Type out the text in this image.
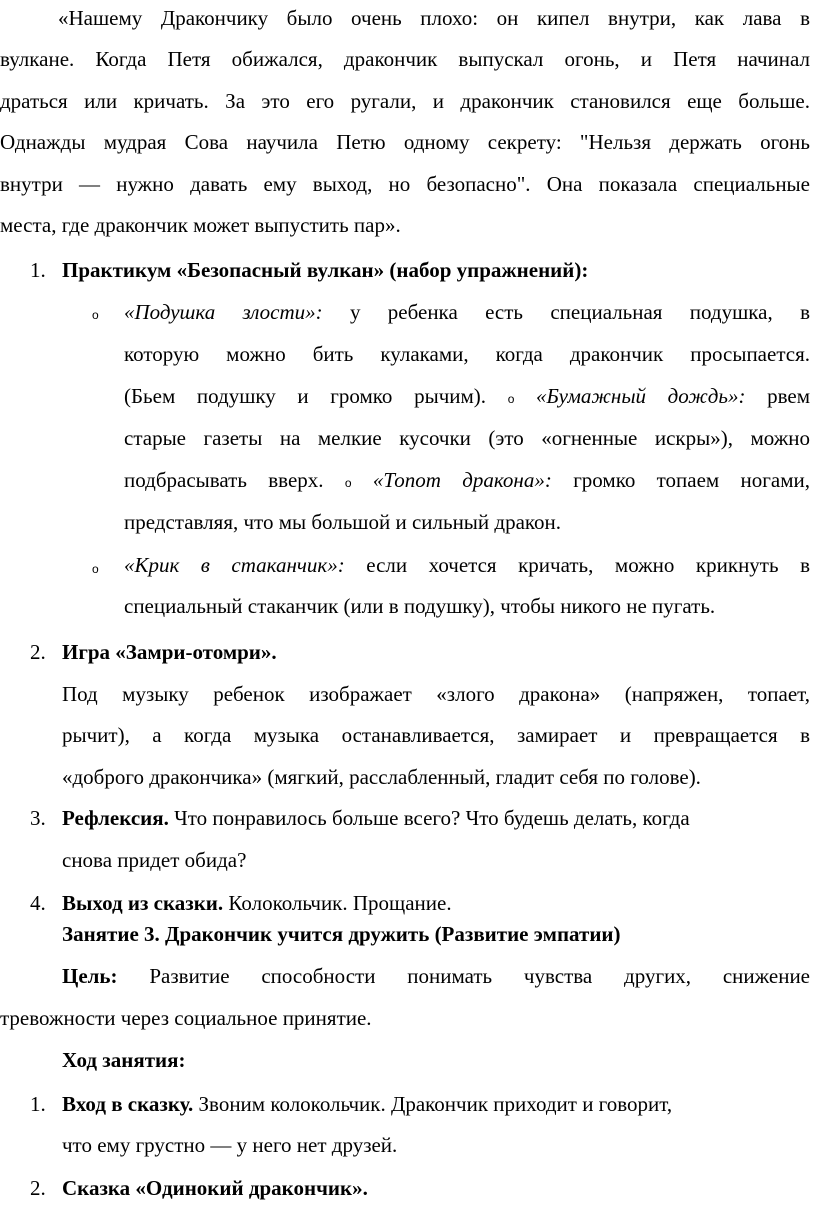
«Нашему Дракончику было очень плохо: он кипел внутри, как лава в
вулкане. Когда Петя обижался, дракончик выпускал огонь, и Петя начинал
драться или кричать. За это его ругали, и дракончик становился еще больше.
Однажды мудрая Сова научила Петю одному секрету: "Нельзя держать огонь
внутри — нужно давать ему выход, но безопасно". Она показала специальные
места, где дракончик может выпустить пар».
1. Практикум «Безопасный вулкан» (набор упражнений):
o «Подушка злости»: у ребенка есть специальная подушка, в
которую можно бить кулаками, когда дракончик просыпается.
(Бьем подушку и громко рычим). o «Бумажный дождь»: рвем
старые газеты на мелкие кусочки (это «огненные искры»), можно
подбрасывать вверх. o «Топот дракона»: громко топаем ногами,
представляя, что мы большой и сильный дракон.
o «Крик в стаканчик»: если хочется кричать, можно крикнуть в
специальный стаканчик (или в подушку), чтобы никого не пугать.
2. Игра «Замри-отомри».
Под музыку ребенок изображает «злого дракона» (напряжен, топает,
рычит), а когда музыка останавливается, замирает и превращается в
«доброго дракончика» (мягкий, расслабленный, гладит себя по голове).
3. Рефлексия. Что понравилось больше всего? Что будешь делать, когда
снова придет обида?
4. Выход из сказки. Колокольчик. Прощание.
Занятие 3. Дракончик учится дружить (Развитие эмпатии)
Цель: Развитие способности понимать чувства других, снижение
тревожности через социальное принятие.
Ход занятия:
1. Вход в сказку. Звоним колокольчик. Дракончик приходит и говорит,
что ему грустно — у него нет друзей.
2. Сказка «Одинокий дракончик».
